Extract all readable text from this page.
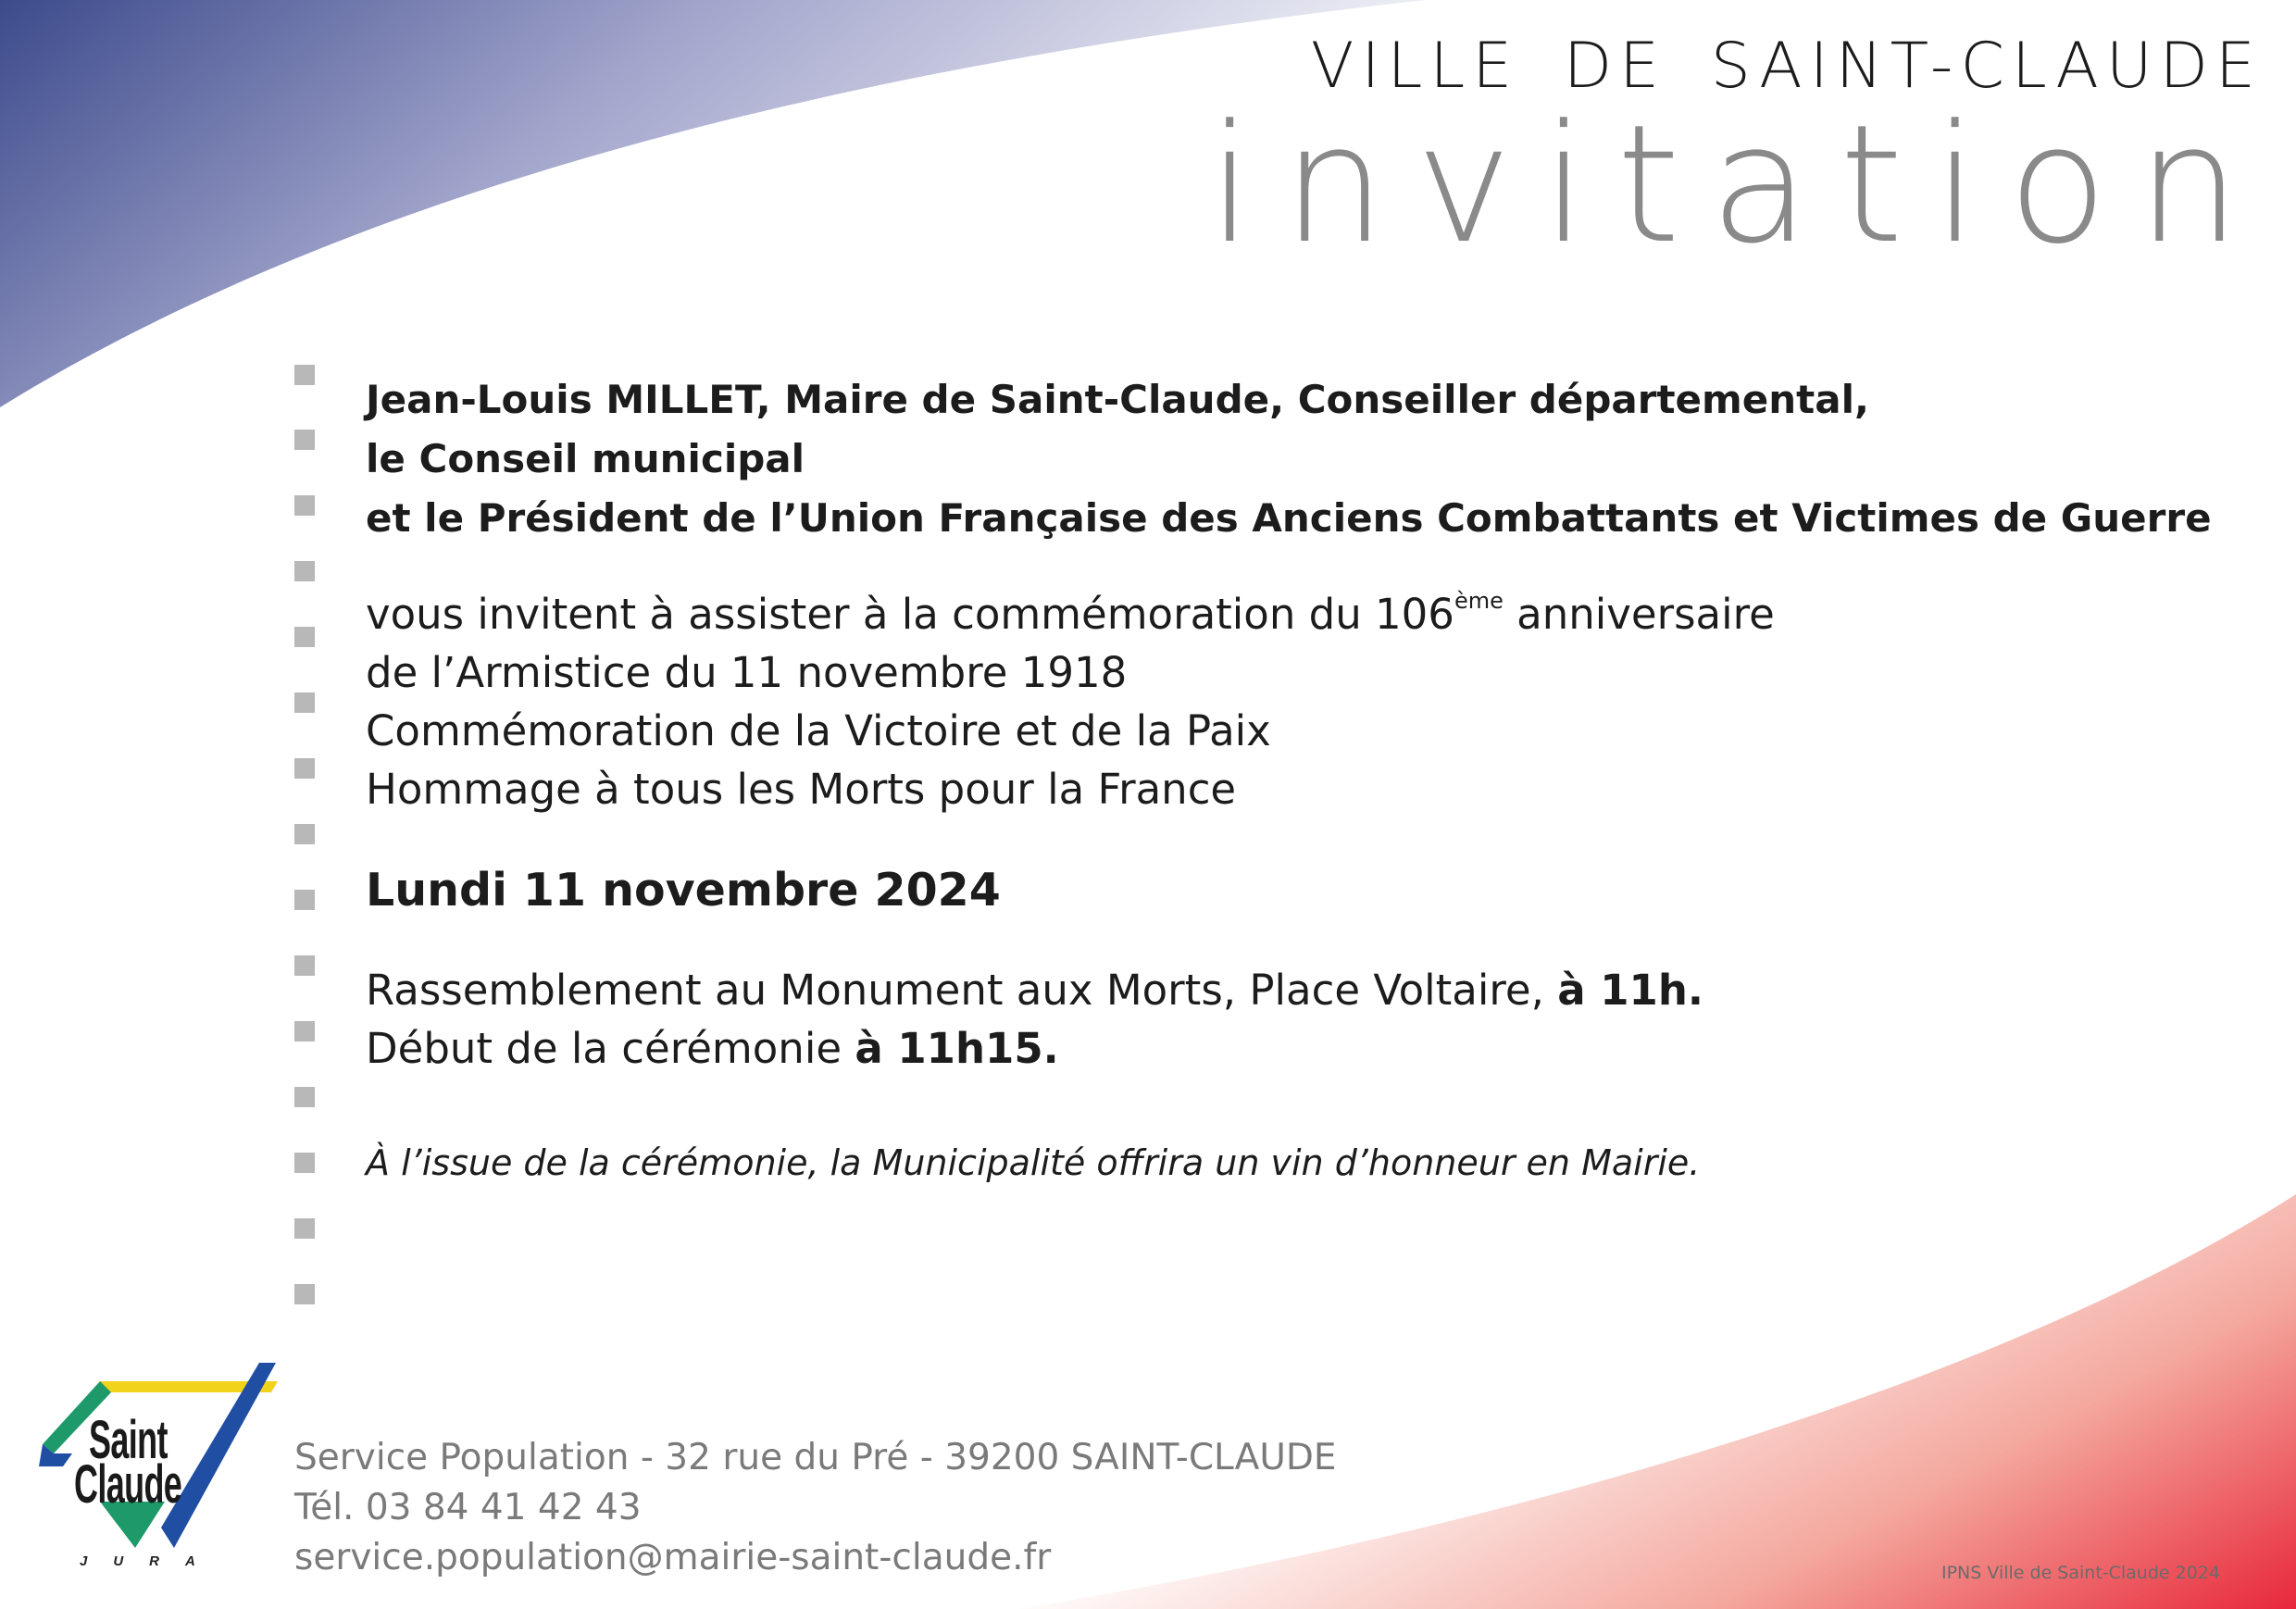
VILLE DE SAINT-CLAUDE
invitation
Jean-Louis MILLET, Maire de Saint-Claude, Conseiller départemental,
le Conseil municipal
et le Président de l’Union Française des Anciens Combattants et Victimes de Guerre
vous invitent à assister à la commémoration du 106ème anniversaire
de l’Armistice du 11 novembre 1918
Commémoration de la Victoire et de la Paix
Hommage à tous les Morts pour la France
Lundi 11 novembre 2024
Rassemblement au Monument aux Morts, Place Voltaire, à 11h.
Début de la cérémonie à 11h15.
À l’issue de la cérémonie, la Municipalité offrira un vin d’honneur en Mairie.
Saint
Claude
JURA
Service Population - 32 rue du Pré - 39200 SAINT-CLAUDE
Tél. 03 84 41 42 43
service.population@mairie-saint-claude.fr	IPNS Ville de Saint-Claude 2024
